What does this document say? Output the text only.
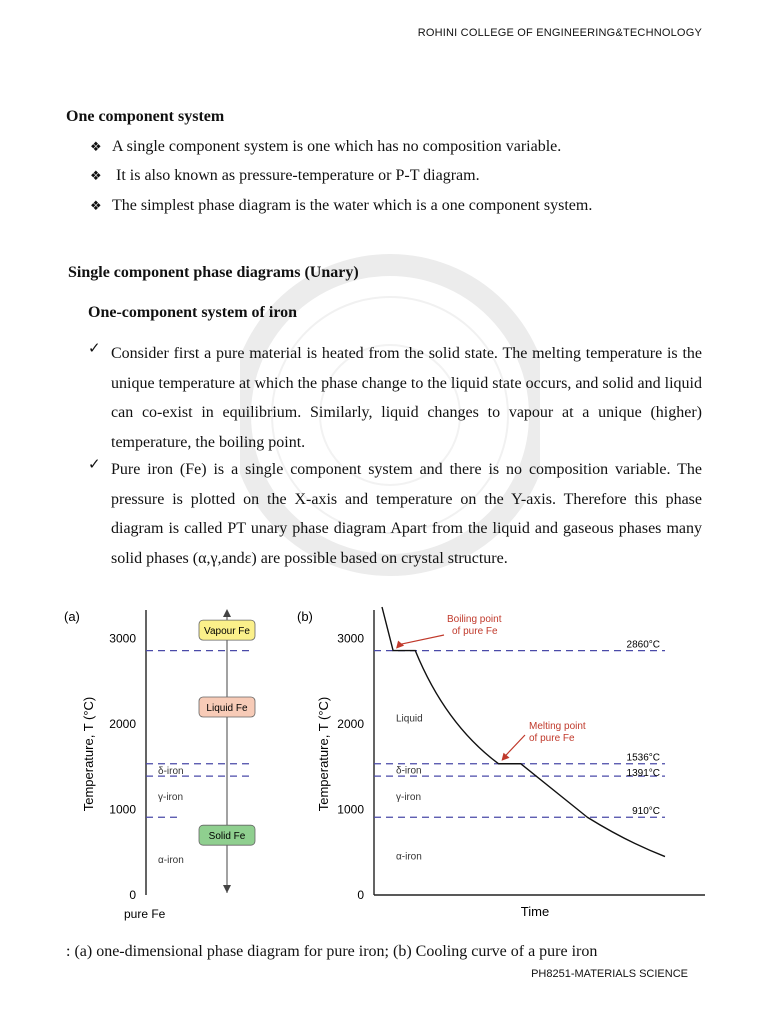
ROHINI COLLEGE OF ENGINEERING&TECHNOLOGY
One component system
❖ A single component system is one which has no composition variable.
❖ It is also known as pressure-temperature or P-T diagram.
❖ The simplest phase diagram is the water which is a one component system.
Single component phase diagrams (Unary)
One-component system of iron
✓ Consider first a pure material is heated from the solid state. The melting temperature is the unique temperature at which the phase change to the liquid state occurs, and solid and liquid can co-exist in equilibrium. Similarly, liquid changes to vapour at a unique (higher) temperature, the boiling point.
✓ Pure iron (Fe) is a single component system and there is no composition variable. The pressure is plotted on the X-axis and temperature on the Y-axis. Therefore this phase diagram is called PT unary phase diagram Apart from the liquid and gaseous phases many solid phases (α,γ,andε) are possible based on crystal structure.
(a)
0
1000
2000
3000
Vapour Fe
Liquid Fe
Solid Fe
δ-iron
γ-iron
α-iron
pure Fe
Temperature, T (°C)
(b)
0
1000
2000
3000	2860°C
1536°C
1391°C
910°C
Liquid
δ-iron
γ-iron
α-iron
Boiling point of pure Fe
Melting point of pure Fe
Time
Temperature, T (°C)
: (a) one-dimensional phase diagram for pure iron; (b) Cooling curve of a pure iron
PH8251-MATERIALS SCIENCE
